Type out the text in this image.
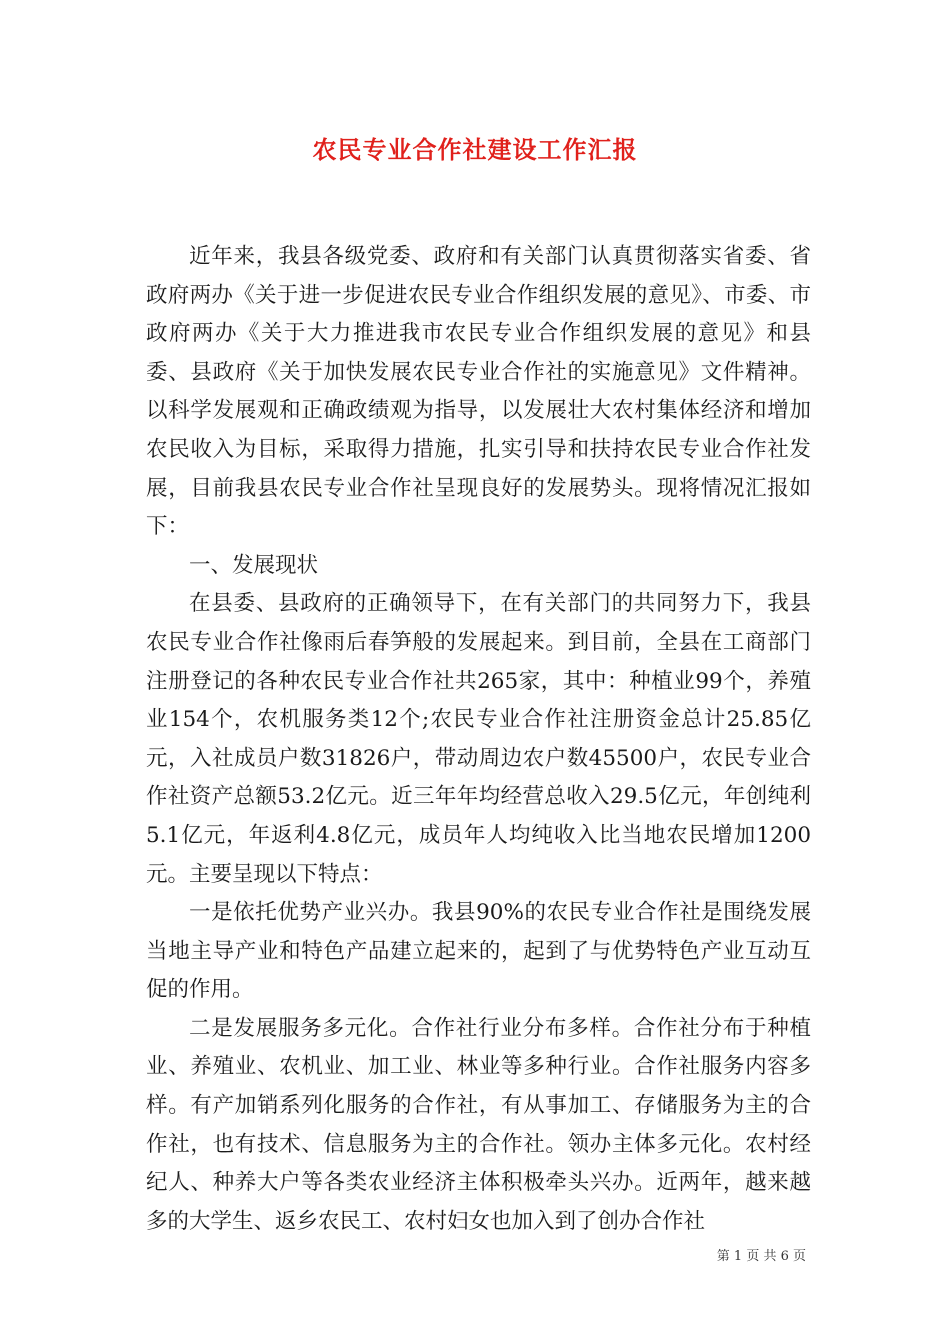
农民专业合作社建设工作汇报

近年来，我县各级党委、政府和有关部门认真贯彻落实省委、省政府两办《关于进一步促进农民专业合作组织发展的意见》、市委、市政府两办《关于大力推进我市农民专业合作组织发展的意见》和县委、县政府《关于加快发展农民专业合作社的实施意见》文件精神。以科学发展观和正确政绩观为指导，以发展壮大农村集体经济和增加农民收入为目标，采取得力措施，扎实引导和扶持农民专业合作社发展，目前我县农民专业合作社呈现良好的发展势头。现将情况汇报如下：

一、发展现状

在县委、县政府的正确领导下，在有关部门的共同努力下，我县农民专业合作社像雨后春笋般的发展起来。到目前，全县在工商部门注册登记的各种农民专业合作社共265家，其中：种植业99个，养殖业154个，农机服务类12个;农民专业合作社注册资金总计25.85亿元，入社成员户数31826户，带动周边农户数45500户，农民专业合作社资产总额53.2亿元。近三年年均经营总收入29.5亿元，年创纯利5.1亿元，年返利4.8亿元，成员年人均纯收入比当地农民增加1200元。主要呈现以下特点：

一是依托优势产业兴办。我县90%的农民专业合作社是围绕发展当地主导产业和特色产品建立起来的，起到了与优势特色产业互动互促的作用。

二是发展服务多元化。合作社行业分布多样。合作社分布于种植业、养殖业、农机业、加工业、林业等多种行业。合作社服务内容多样。有产加销系列化服务的合作社，有从事加工、存储服务为主的合作社，也有技术、信息服务为主的合作社。领办主体多元化。农村经纪人、种养大户等各类农业经济主体积极牵头兴办。近两年，越来越多的大学生、返乡农民工、农村妇女也加入到了创办合作社

第 1 页 共 6 页
